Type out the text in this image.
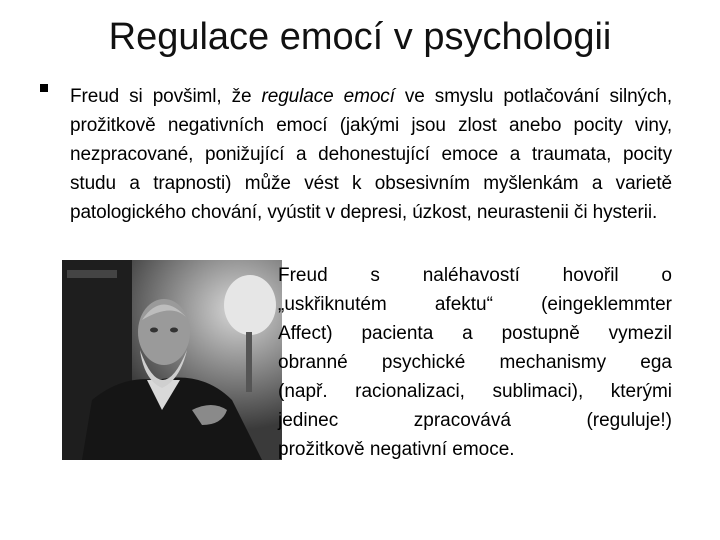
Regulace emocí v psychologii
Freud si povšiml, že regulace emocí ve smyslu potlačování silných, prožitkově negativních emocí (jakými jsou zlost anebo pocity viny, nezpracované, ponižující a dehonestující emoce a traumata, pocity studu a trapnosti) může vést k obsesivním myšlenkám a varietě patologického chování, vyústit v depresi, úzkost, neurastenii či hysterii.
Freud s naléhavostí hovořil o
„uskřiknutém afektu“ (eingeklemmter
Affect) pacienta a postupně vymezil
obranné psychické mechanismy ega
(např. racionalizaci, sublimaci), kterými
jedinec zpracovává (reguluje!)
prožitkově negativní emoce.
